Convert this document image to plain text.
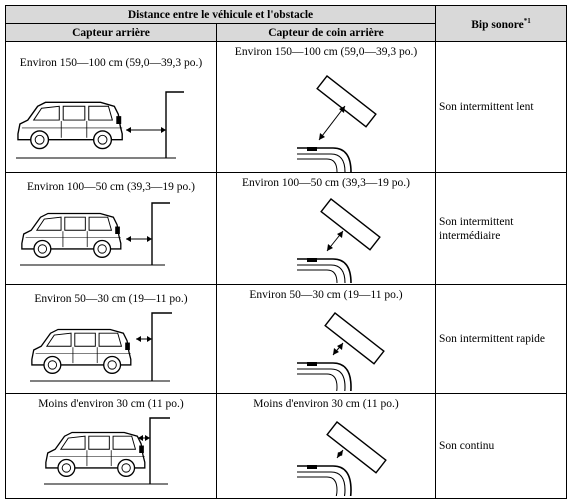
Distance entre le véhicule et l'obstacle		Bip sonore$^{*1}$
Capteur arrière	Capteur de coin arrière	

Environ 150—100 cm (59,0—39,3 po.)	Environ 150—100 cm (59,0—39,3 po.)	Son intermittent lent

Environ 100—50 cm (39,3—19 po.)	Environ 100—50 cm (39,3—19 po.)	Son intermittent
intermédiaire

Environ 50—30 cm (19—11 po.)	Environ 50—30 cm (19—11 po.)	Son intermittent rapide

Moins d'environ 30 cm (11 po.)	Moins d'environ 30 cm (11 po.)	Son continu
